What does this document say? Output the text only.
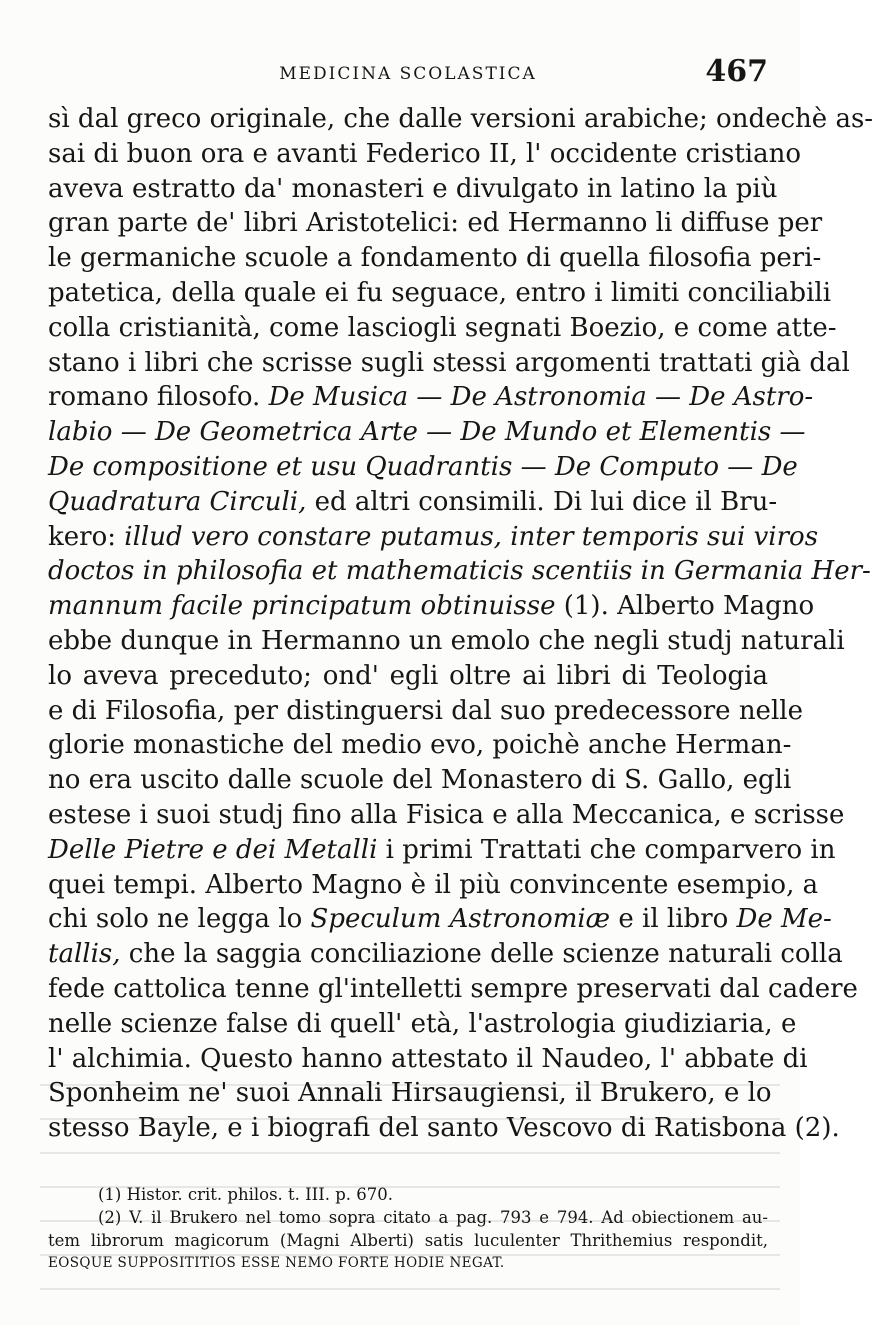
MEDICINA SCOLASTICA	467
sì dal greco originale, che dalle versioni arabiche; ondechè as-
sai di buon ora e avanti Federico II, l' occidente cristiano
aveva estratto da' monasteri e divulgato in latino la più
gran parte de' libri Aristotelici: ed Hermanno li diffuse per
le germaniche scuole a fondamento di quella filosofia peri-
patetica, della quale ei fu seguace, entro i limiti conciliabili
colla cristianità, come lasciogli segnati Boezio, e come atte-
stano i libri che scrisse sugli stessi argomenti trattati già dal
romano filosofo. De Musica — De Astronomia — De Astro-
labio — De Geometrica Arte — De Mundo et Elementis —
De compositione et usu Quadrantis — De Computo — De
Quadratura Circuli, ed altri consimili. Di lui dice il Bru-
kero: illud vero constare putamus, inter temporis sui viros
doctos in philosofia et mathematicis scentiis in Germania Her-
mannum facile principatum obtinuisse (1). Alberto Magno
ebbe dunque in Hermanno un emolo che negli studj naturali
lo aveva preceduto; ond' egli oltre ai libri di Teologia
e di Filosofia, per distinguersi dal suo predecessore nelle
glorie monastiche del medio evo, poichè anche Herman-
no era uscito dalle scuole del Monastero di S. Gallo, egli
estese i suoi studj fino alla Fisica e alla Meccanica, e scrisse
Delle Pietre e dei Metalli i primi Trattati che comparvero in
quei tempi. Alberto Magno è il più convincente esempio, a
chi solo ne legga lo Speculum Astronomiæ e il libro De Me-
tallis, che la saggia conciliazione delle scienze naturali colla
fede cattolica tenne gl'intelletti sempre preservati dal cadere
nelle scienze false di quell' età, l'astrologia giudiziaria, e
l' alchimia. Questo hanno attestato il Naudeo, l' abbate di
Sponheim ne' suoi Annali Hirsaugiensi, il Brukero, e lo
stesso Bayle, e i biografi del santo Vescovo di Ratisbona (2).
(1) Histor. crit. philos. t. III. p. 670.
(2) V. il Brukero nel tomo sopra citato a pag. 793 e 794. Ad obiectionem au-
tem librorum magicorum (Magni Alberti) satis luculenter Thrithemius respondit,
EOSQUE SUPPOSITITIOS ESSE NEMO FORTE HODIE NEGAT.
